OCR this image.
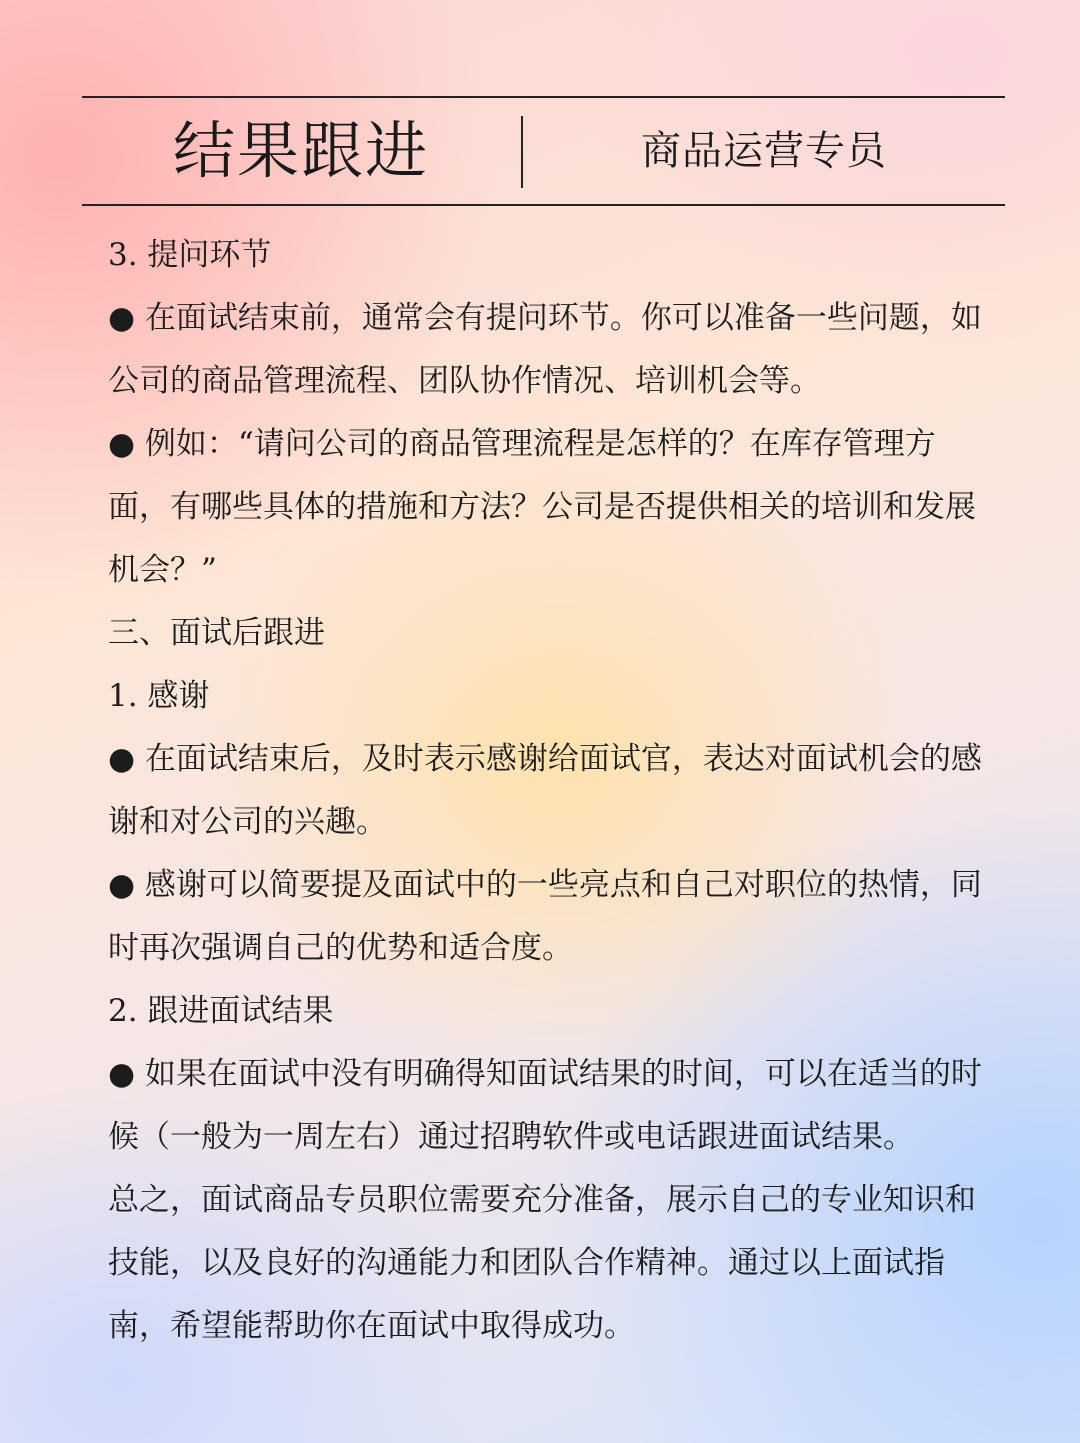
结果跟进	商品运营专员
3. 提问环节
● 在面试结束前，通常会有提问环节。你可以准备一些问题，如
公司的商品管理流程、团队协作情况、培训机会等。
● 例如：“请问公司的商品管理流程是怎样的？在库存管理方
面，有哪些具体的措施和方法？公司是否提供相关的培训和发展
机会？”
三、面试后跟进
1. 感谢
● 在面试结束后，及时表示感谢给面试官，表达对面试机会的感
谢和对公司的兴趣。
● 感谢可以简要提及面试中的一些亮点和自己对职位的热情，同
时再次强调自己的优势和适合度。
2. 跟进面试结果
● 如果在面试中没有明确得知面试结果的时间，可以在适当的时
候（一般为一周左右）通过招聘软件或电话跟进面试结果。
总之，面试商品专员职位需要充分准备，展示自己的专业知识和
技能，以及良好的沟通能力和团队合作精神。通过以上面试指
南，希望能帮助你在面试中取得成功。
